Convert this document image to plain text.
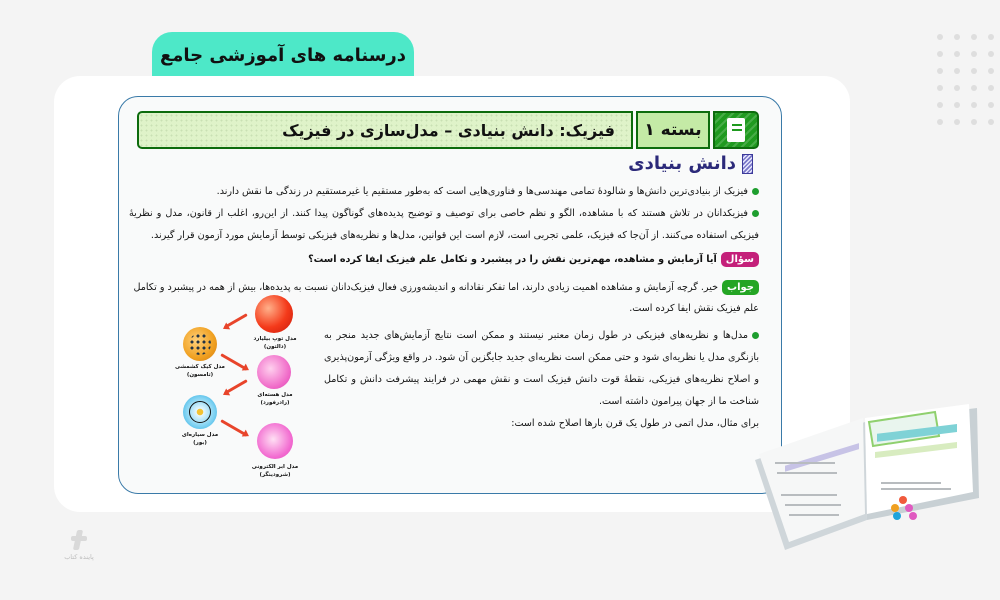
درسنامه های آموزشی جامع
بسته ۱
فیزیک: دانش بنیادی – مدل‌سازی در فیزیک
دانش بنیادی
فیزیک از بنیادی‌ترین دانش‌ها و شالودهٔ تمامی مهندسی‌ها و فناوری‌هایی است که به‌طور مستقیم یا غیرمستقیم در زندگی ما نقش دارند.
فیزیکدانان در تلاش هستند که با مشاهده، الگو و نظم خاصی برای توصیف و توضیح پدیده‌های گوناگون پیدا کنند. از این‌رو، اغلب از قانون، مدل و نظریهٔ فیزیکی استفاده می‌کنند. از آن‌جا که فیزیک، علمی تجربی است، لازم است این قوانین، مدل‌ها و نظریه‌های فیزیکی توسط آزمایش مورد آزمون قرار گیرند.
سؤالآیا آزمایش و مشاهده، مهم‌ترین نقش را در پیشبرد و تکامل علم فیزیک ایفا کرده است؟
جوابخیر. گرچه آزمایش و مشاهده اهمیت زیادی دارند، اما تفکر نقادانه و اندیشه‌ورزی فعال فیزیک‌دانان نسبت به پدیده‌ها، بیش از همه در پیشبرد و تکامل علم فیزیک نقش ایفا کرده است.
مدل‌ها و نظریه‌های فیزیکی در طول زمان معتبر نیستند و ممکن است نتایج آزمایش‌های جدید منجر به بازنگری مدل یا نظریه‌ای شود و حتی ممکن است نظریه‌ای جدید جایگزین آن شود. در واقع ویژگی آزمون‌پذیری و اصلاح نظریه‌های فیزیکی، نقطهٔ قوت دانش فیزیک است و نقش مهمی در فرایند پیشرفت دانش و تکامل شناخت ما از جهان پیرامون داشته است.
برای مثال، مدل اتمی در طول یک قرن بارها اصلاح شده است:
مدل توپ بیلیارد
(دالتون)
مدل کیک کشمشی
(تامسون)
مدل هسته‌ای
(رادرفورد)
مدل سیاره‌ای
(بور)
مدل ابر الکترونی
(شرودینگر)
پاینده کتاب
